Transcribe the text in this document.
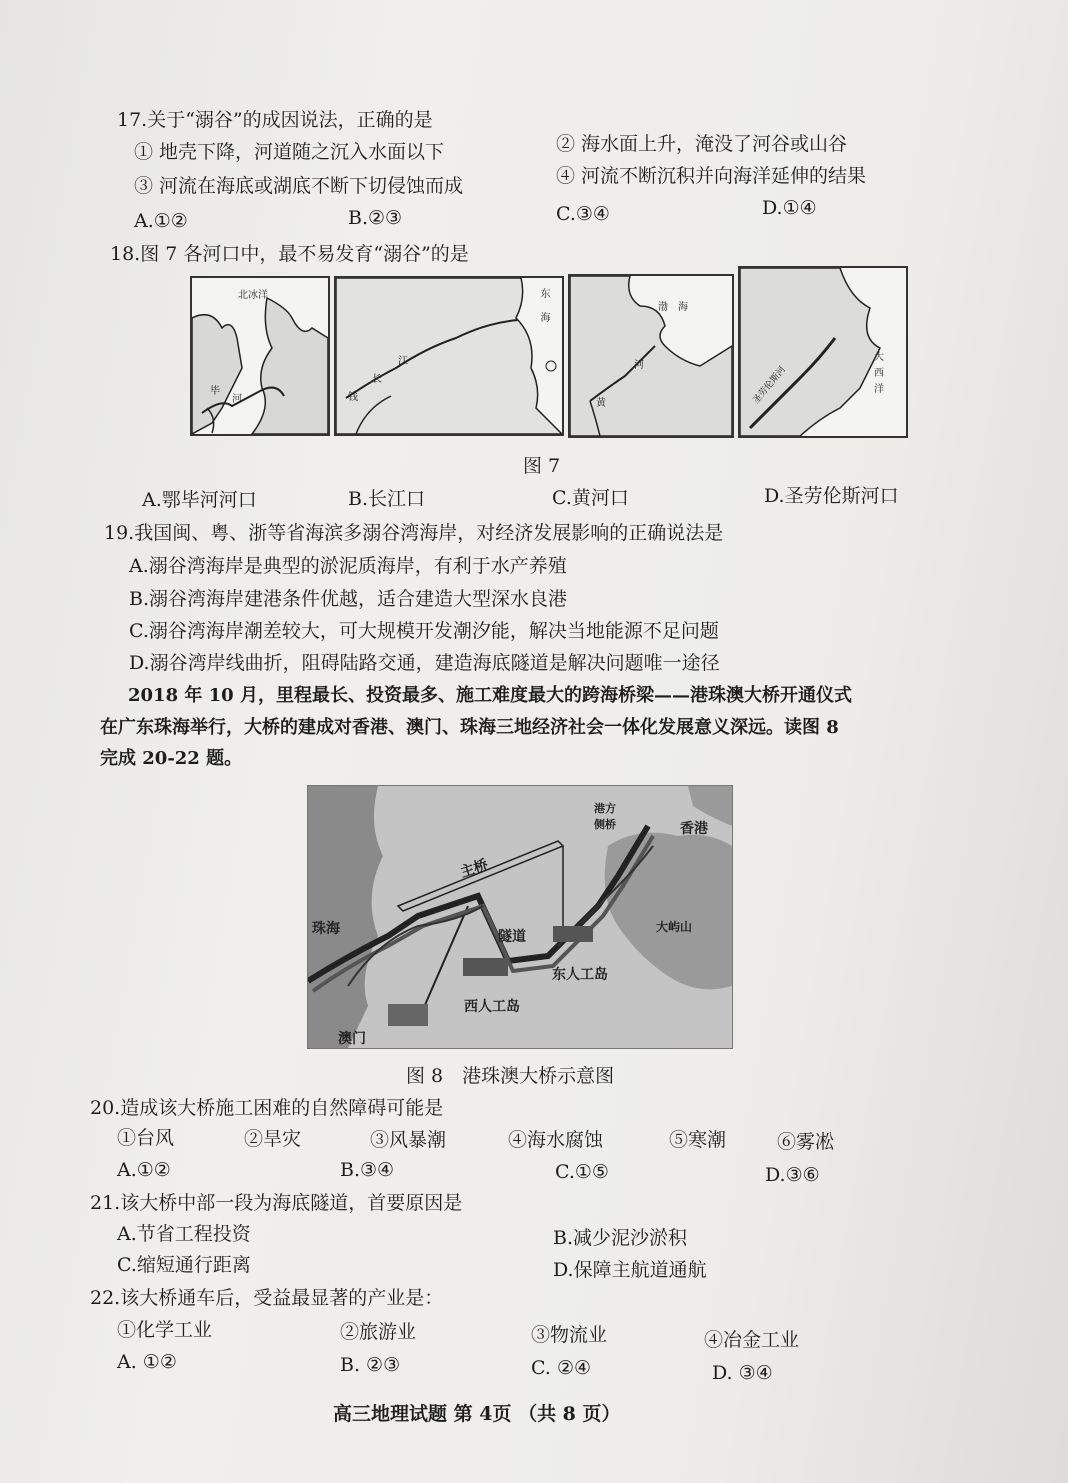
17.关于“溺谷”的成因说法，正确的是
① 地壳下降，河道随之沉入水面以下	② 海水面上升，淹没了河谷或山谷
③ 河流在海底或湖底不断下切侵蚀而成	④ 河流不断沉积并向海洋延伸的结果
A.①②	B.②③	C.③④	D.①④
18.图 7 各河口中，最不易发育“溺谷”的是
北冰洋
毕
河
东
海
江
长
钱
渤 海
河
黄
大
西
洋
圣劳伦斯河
图 7
A.鄂毕河河口	B.长江口	C.黄河口	D.圣劳伦斯河口
19.我国闽、粤、浙等省海滨多溺谷湾海岸，对经济发展影响的正确说法是
A.溺谷湾海岸是典型的淤泥质海岸，有利于水产养殖
B.溺谷湾海岸建港条件优越，适合建造大型深水良港
C.溺谷湾海岸潮差较大，可大规模开发潮汐能，解决当地能源不足问题
D.溺谷湾岸线曲折，阻碍陆路交通，建造海底隧道是解决问题唯一途径
2018 年 10 月，里程最长、投资最多、施工难度最大的跨海桥梁——港珠澳大桥开通仪式
在广东珠海举行，大桥的建成对香港、澳门、珠海三地经济社会一体化发展意义深远。读图 8
完成 20-22 题。
港方
侧桥	香港
主桥
珠海	隧道
大屿山
东人工岛
西人工岛
澳门
图 8　港珠澳大桥示意图
20.造成该大桥施工困难的自然障碍可能是
①台风	②旱灾	③风暴潮	④海水腐蚀	⑤寒潮	⑥雾凇
A.①②	B.③④	C.①⑤	D.③⑥
21.该大桥中部一段为海底隧道，首要原因是
A.节省工程投资	B.减少泥沙淤积
C.缩短通行距离	D.保障主航道通航
22.该大桥通车后，受益最显著的产业是：
①化学工业	②旅游业	③物流业	④冶金工业
A. ①②	B. ②③	C. ②④	D. ③④
高三地理试题 第 4页 （共 8 页）
